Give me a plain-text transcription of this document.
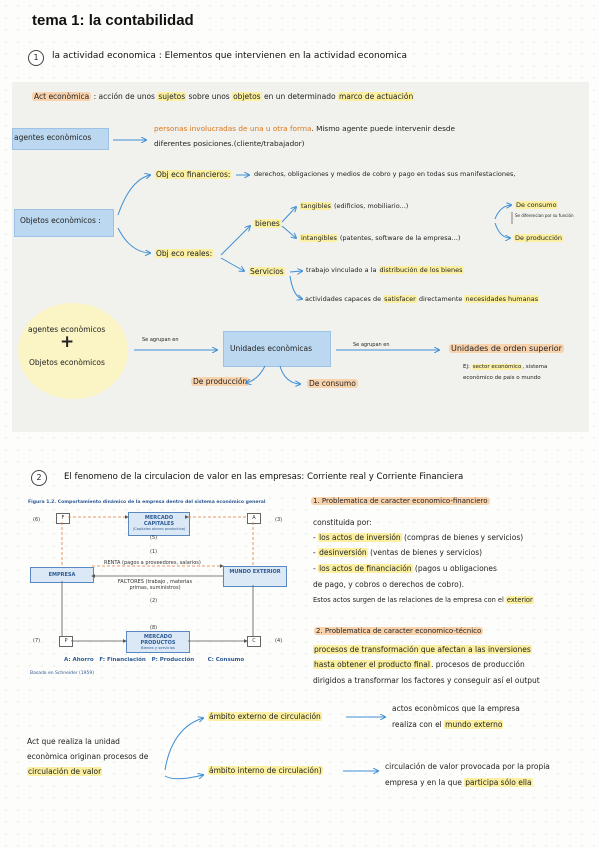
tema 1: la contabilidad
1	la actividad economica : Elementos que intervienen en la actividad economica
Act econòmica : acción de unos sujetos sobre unos objetos en un determinado marco de actuación
agentes econòmicos
personas involucradas de una u otra forma. Mismo agente puede intervenir desde
diferentes posiciones.(cliente/trabajador)
Objetos econòmicos :
Obj eco financieros:	derechos, obligaciones y medios de cobro y pago en todas sus manifestaciones,
Obj eco reales:
bienes
tangibles (edificios, mobiliario...)
intangibles (patentes, software de la empresa...)
De consumo
Se diferencian por su función
De producción
Servicios	trabajo vinculado a la distribución de los bienes
actividades capaces de satisfacer directamente necesidades humanas
agentes econòmicos
+
Objetos econòmicos
Se agrupan en
Unidades econòmicas	Se agrupan en	Unidades de orden superior
Ej: sector econòmico, sistema
econòmico de pais o mundo
De producción	De consumo
2	El fenomeno de la circulacion de valor en las empresas: Corriente real y Corriente Financiera
Figura 1.2. Comportamiento dinámico de la empresa dentro del sistema económico general
MERCADO CAPITALES
(Capitales ahorro productivo)
EMPRESA	MUNDO EXTERIOR
MERCADO PRODUCTOS
Bienes y servicios
RENTA (pagos a proveedores, salarios)
FACTORES (trabajo , materias primas, suministros)
(1)
(2)
(3)
(4)
(5)
(6)
(7)
(8)
F	A
P	C
A: Ahorro   F: Financiación   P: Producción       C: Consumo
Basado en Schneider (1959)
1. Problematica de caracter economico-financiero
constituida por:
- los actos de inversión (compras de bienes y servicios)
- desinversión (ventas de bienes y servicios)
- los actos de financiación (pagos u obligaciones
de pago, y cobros o derechos de cobro).
Estos actos surgen de las relaciones de la empresa con el exterior
2. Problematica de caracter economico-técnico
procesos de transformación que afectan a las inversiones
hasta obtener el producto final. procesos de producción
dirigidos a transformar los factores y conseguir así el output
Act que realiza la unidad
econòmica originan procesos de
circulación de valor
ámbito externo de circulación
actos econòmicos que la empresa
realiza con el mundo externo
ámbito interno de circulación)	circulación de valor provocada por la propia
empresa y en la que participa sólo ella
